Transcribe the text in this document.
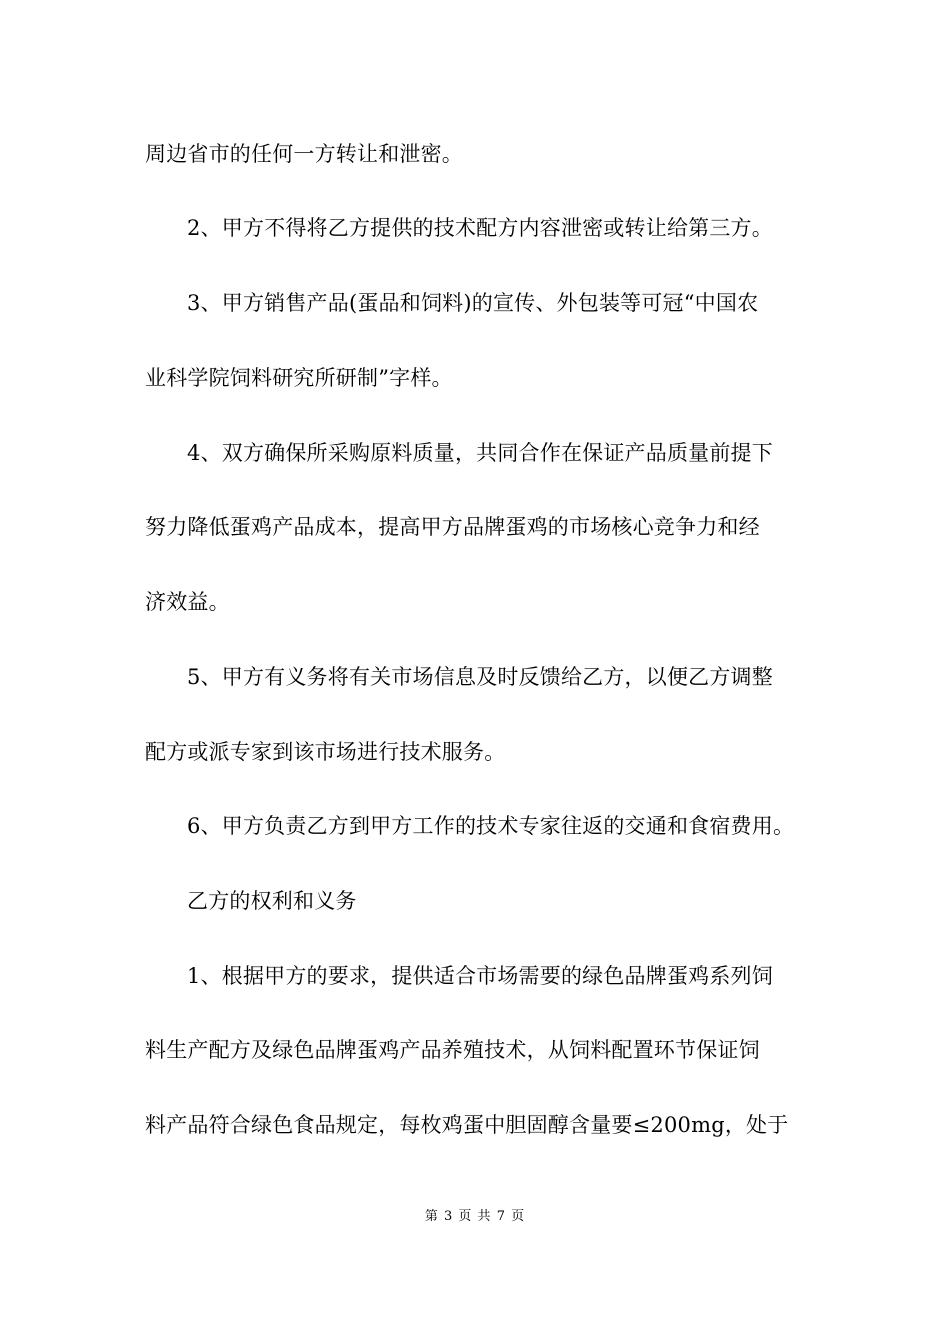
周边省市的任何一方转让和泄密。
2、甲方不得将乙方提供的技术配方内容泄密或转让给第三方。
3、甲方销售产品(蛋品和饲料)的宣传、外包装等可冠“中国农
业科学院饲料研究所研制”字样。
4、双方确保所采购原料质量，共同合作在保证产品质量前提下
努力降低蛋鸡产品成本，提高甲方品牌蛋鸡的市场核心竞争力和经
济效益。
5、甲方有义务将有关市场信息及时反馈给乙方，以便乙方调整
配方或派专家到该市场进行技术服务。
6、甲方负责乙方到甲方工作的技术专家往返的交通和食宿费用。
乙方的权利和义务
1、根据甲方的要求，提供适合市场需要的绿色品牌蛋鸡系列饲
料生产配方及绿色品牌蛋鸡产品养殖技术，从饲料配置环节保证饲
料产品符合绿色食品规定，每枚鸡蛋中胆固醇含量要≤200mg，处于
第 3 页 共 7 页
